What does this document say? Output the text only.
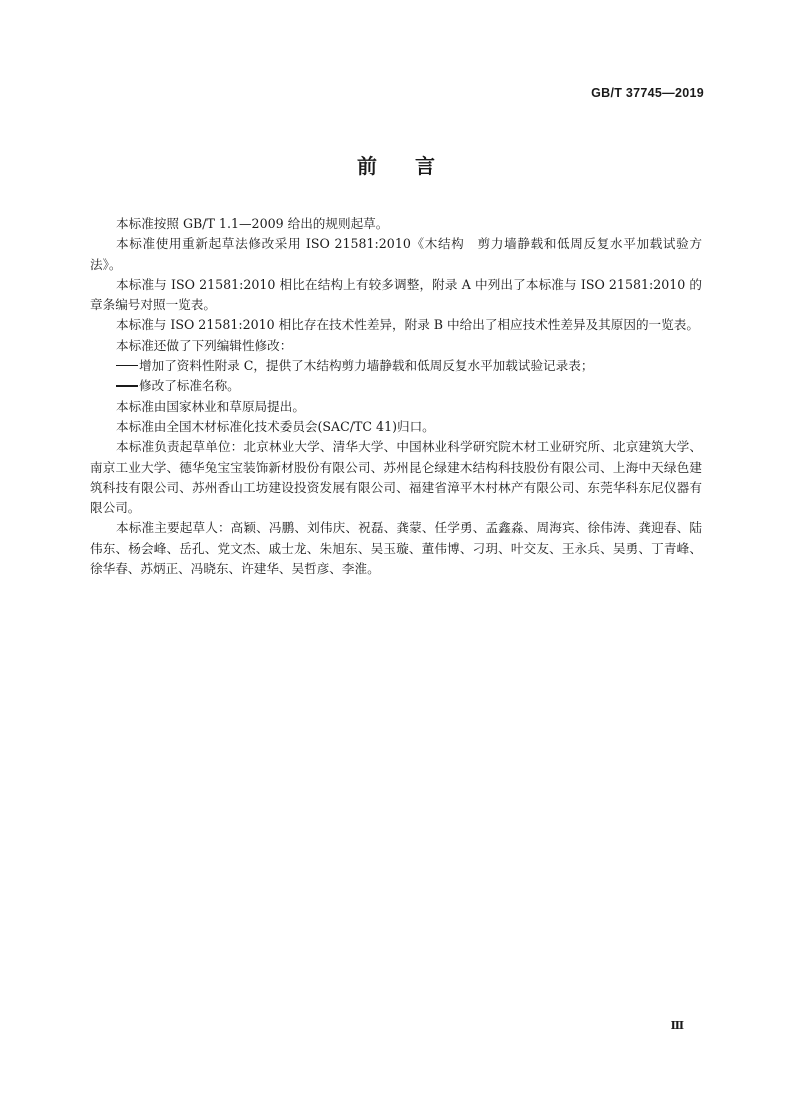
GB/T 37745—2019
前言

本标准按照 GB/T 1.1—2009 给出的规则起草。

本标准使用重新起草法修改采用 ISO 21581:2010《木结构　剪力墙静载和低周反复水平加载试验方法》。

本标准与 ISO 21581:2010 相比在结构上有较多调整，附录 A 中列出了本标准与 ISO 21581:2010 的章条编号对照一览表。

本标准与 ISO 21581:2010 相比存在技术性差异，附录 B 中给出了相应技术性差异及其原因的一览表。

本标准还做了下列编辑性修改：

增加了资料性附录 C，提供了木结构剪力墙静载和低周反复水平加载试验记录表；

修改了标准名称。

本标准由国家林业和草原局提出。

本标准由全国木材标准化技术委员会(SAC/TC 41)归口。

本标准负责起草单位：北京林业大学、清华大学、中国林业科学研究院木材工业研究所、北京建筑大学、南京工业大学、德华兔宝宝装饰新材股份有限公司、苏州昆仑绿建木结构科技股份有限公司、上海中天绿色建筑科技有限公司、苏州香山工坊建设投资发展有限公司、福建省漳平木村林产有限公司、东莞华科东尼仪器有限公司。

本标准主要起草人：高颖、冯鹏、刘伟庆、祝磊、龚蒙、任学勇、孟鑫淼、周海宾、徐伟涛、龚迎春、陆伟东、杨会峰、岳孔、党文杰、戚士龙、朱旭东、吴玉璇、董伟博、刁玥、叶交友、王永兵、吴勇、丁青峰、徐华春、苏炳正、冯晓东、许建华、吴哲彦、李淮。

Ⅲ
